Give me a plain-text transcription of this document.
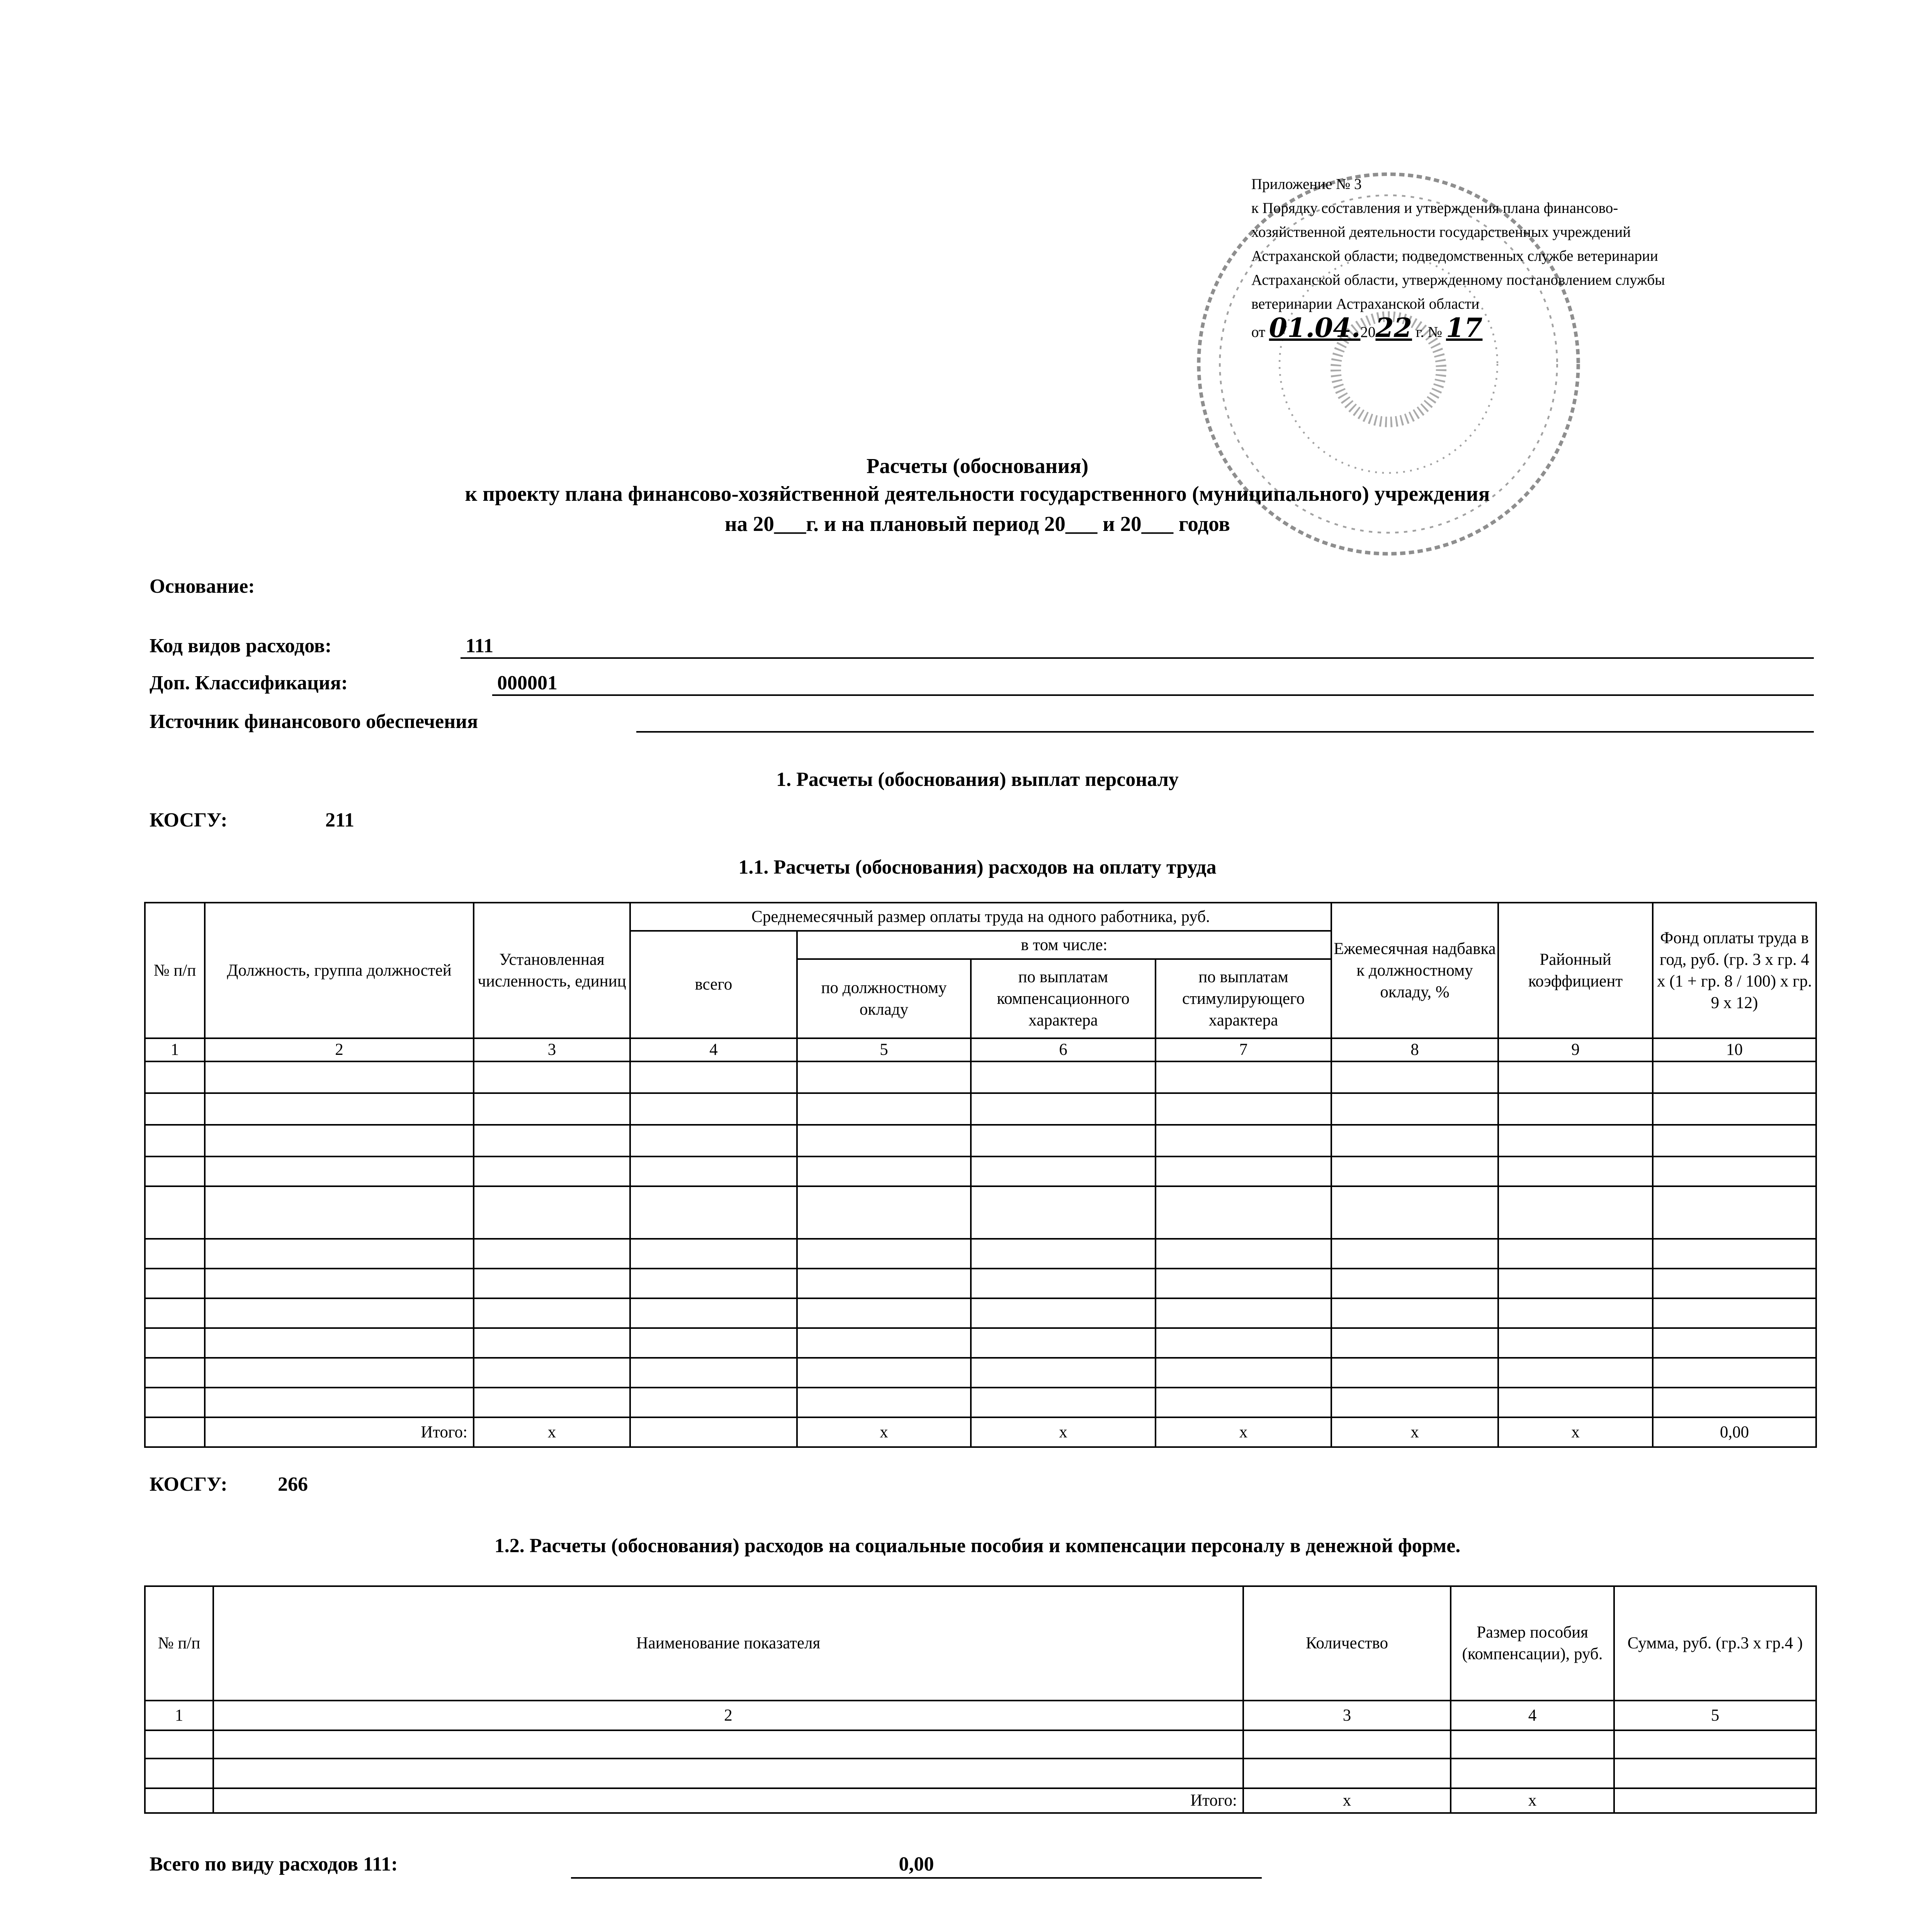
Приложение № 3
к Порядку составления и утверждения плана финансово-
хозяйственной деятельности государственных учреждений
Астраханской области, подведомственных службе ветеринарии
Астраханской области, утвержденному постановлением службы
ветеринарии Астраханской области
от 01.04.2022 г. № 17
Расчеты (обоснования)
к проекту плана финансово-хозяйственной деятельности государственного (муниципального) учреждения
на 20___г. и на плановый период 20___ и 20___ годов
Основание:
Код видов расходов:	111
Доп. Классификация:	000001
Источник финансового обеспечения
1. Расчеты (обоснования) выплат персоналу
КОСГУ:	211
1.1. Расчеты (обоснования) расходов на оплату труда
№ п/п	Должность, группа должностей	Установленная численность, единиц	Среднемесячный размер оплаты труда на одного работника, руб.				Ежемесячная надбавка к должностному окладу, %	Районный коэффициент	Фонд оплаты труда в год, руб. (гр. 3 х гр. 4 х (1 + гр. 8 / 100) х гр. 9 х 12)
			всего	в том числе:					
				по должностному окладу	по выплатам компенсационного характера	по выплатам стимулирующего характера			
1	2	3	4	5	6	7	8	9	10

	Итого:	x		x	x	x	x	x	0,00
КОСГУ:	266
1.2. Расчеты (обоснования) расходов на социальные пособия и компенсации персоналу в денежной форме.
№ п/п	Наименование показателя	Количество	Размер пособия (компенсации), руб.	Сумма, руб. (гр.3 х гр.4 )
1	2	3	4	5

	Итого:	x	x	
Всего по виду расходов 111:	0,00
